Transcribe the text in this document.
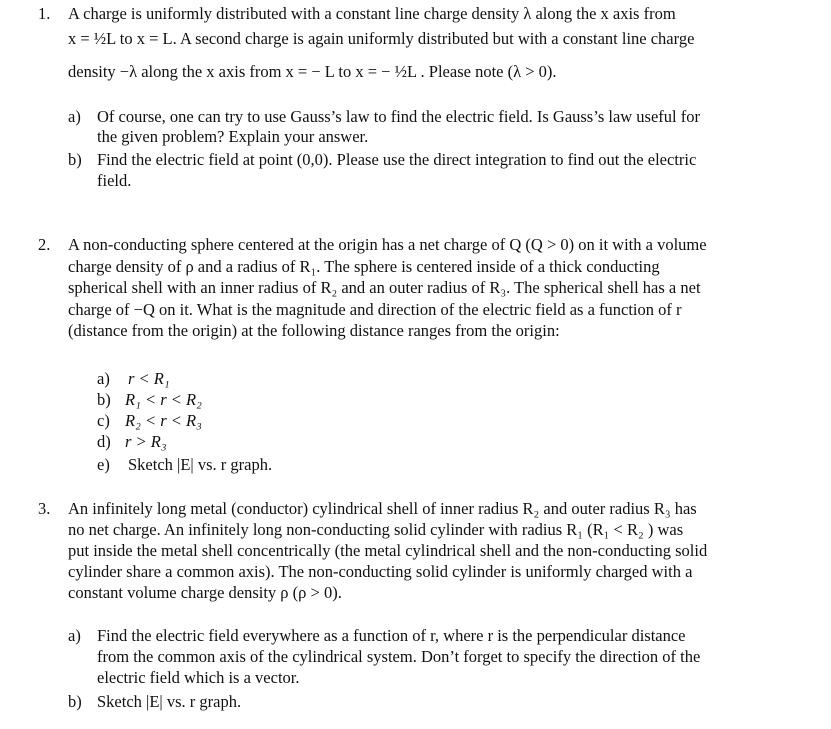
1. A charge is uniformly distributed with a constant line charge density λ along the x axis from
x = ½L to x = L. A second charge is again uniformly distributed but with a constant line charge
density −λ along the x axis from x = − L to x = − ½L . Please note (λ > 0).
a) Of course, one can try to use Gauss’s law to find the electric field. Is Gauss’s law useful for
the given problem? Explain your answer.
b) Find the electric field at point (0,0). Please use the direct integration to find out the electric
field.
2. A non-conducting sphere centered at the origin has a net charge of Q (Q > 0) on it with a volume
charge density of ρ and a radius of R₁. The sphere is centered inside of a thick conducting
spherical shell with an inner radius of R₂ and an outer radius of R₃. The spherical shell has a net
charge of −Q on it. What is the magnitude and direction of the electric field as a function of r
(distance from the origin) at the following distance ranges from the origin:
a) r < R₁
b) R₁ < r < R₂
c) R₂ < r < R₃
d) r > R₃
e) Sketch |E| vs. r graph.
3. An infinitely long metal (conductor) cylindrical shell of inner radius R₂ and outer radius R₃ has
no net charge. An infinitely long non-conducting solid cylinder with radius R₁ (R₁ < R₂ ) was
put inside the metal shell concentrically (the metal cylindrical shell and the non-conducting solid
cylinder share a common axis). The non-conducting solid cylinder is uniformly charged with a
constant volume charge density ρ (ρ > 0).
a) Find the electric field everywhere as a function of r, where r is the perpendicular distance
from the common axis of the cylindrical system. Don’t forget to specify the direction of the
electric field which is a vector.
b) Sketch |E| vs. r graph.
